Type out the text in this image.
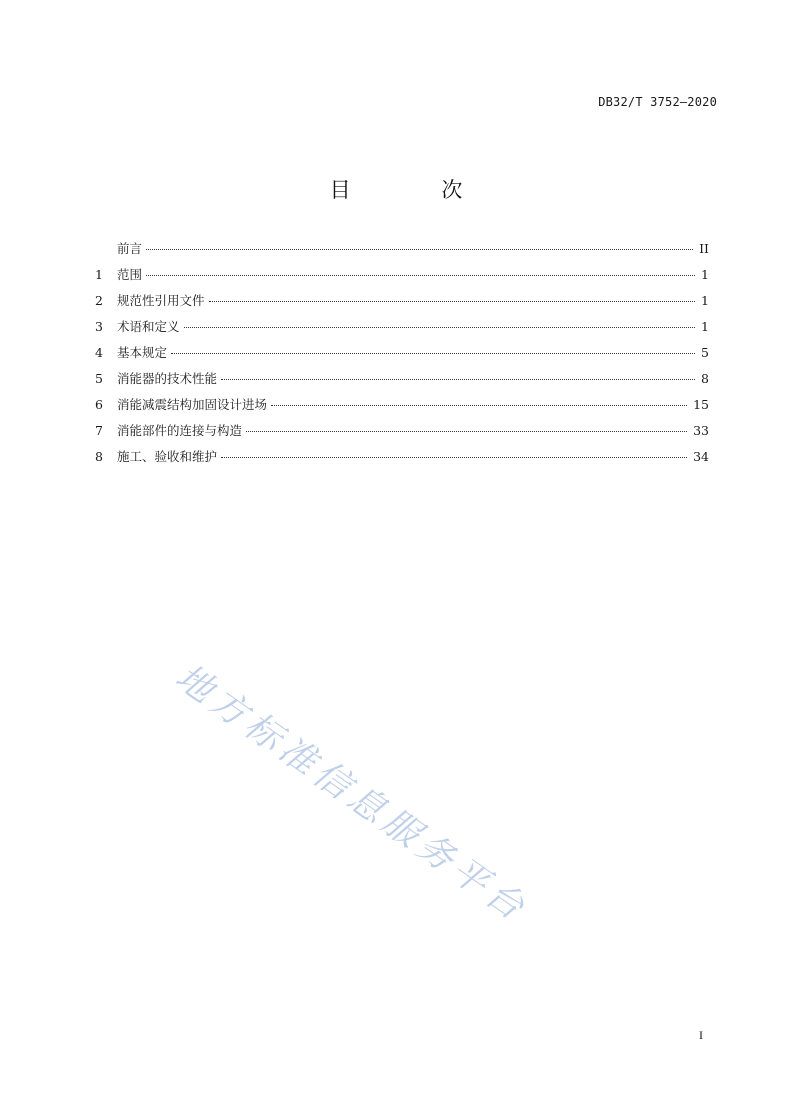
DB32/T 3752—2020
目 次
前言	II
1	范围	1
2	规范性引用文件	1
3	术语和定义	1
4	基本规定	5
5	消能器的技术性能	8
6	消能减震结构加固设计进场	15
7	消能部件的连接与构造	33
8	施工、验收和维护	34
地方标准信息服务平台
I
